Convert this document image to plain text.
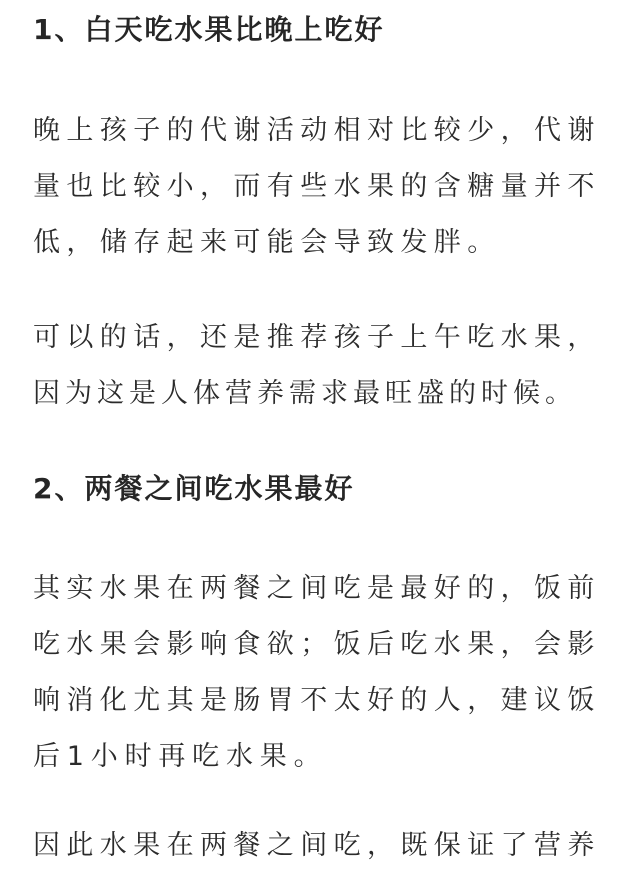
1、白天吃水果比晚上吃好
晚上孩子的代谢活动相对比较少，代谢
量也比较小，而有些水果的含糖量并不
低，储存起来可能会导致发胖。
可以的话，还是推荐孩子上午吃水果，
因为这是人体营养需求最旺盛的时候。
2、两餐之间吃水果最好
其实水果在两餐之间吃是最好的，饭前
吃水果会影响食欲；饭后吃水果，会影
响消化尤其是肠胃不太好的人，建议饭
后1小时再吃水果。
因此水果在两餐之间吃，既保证了营养
